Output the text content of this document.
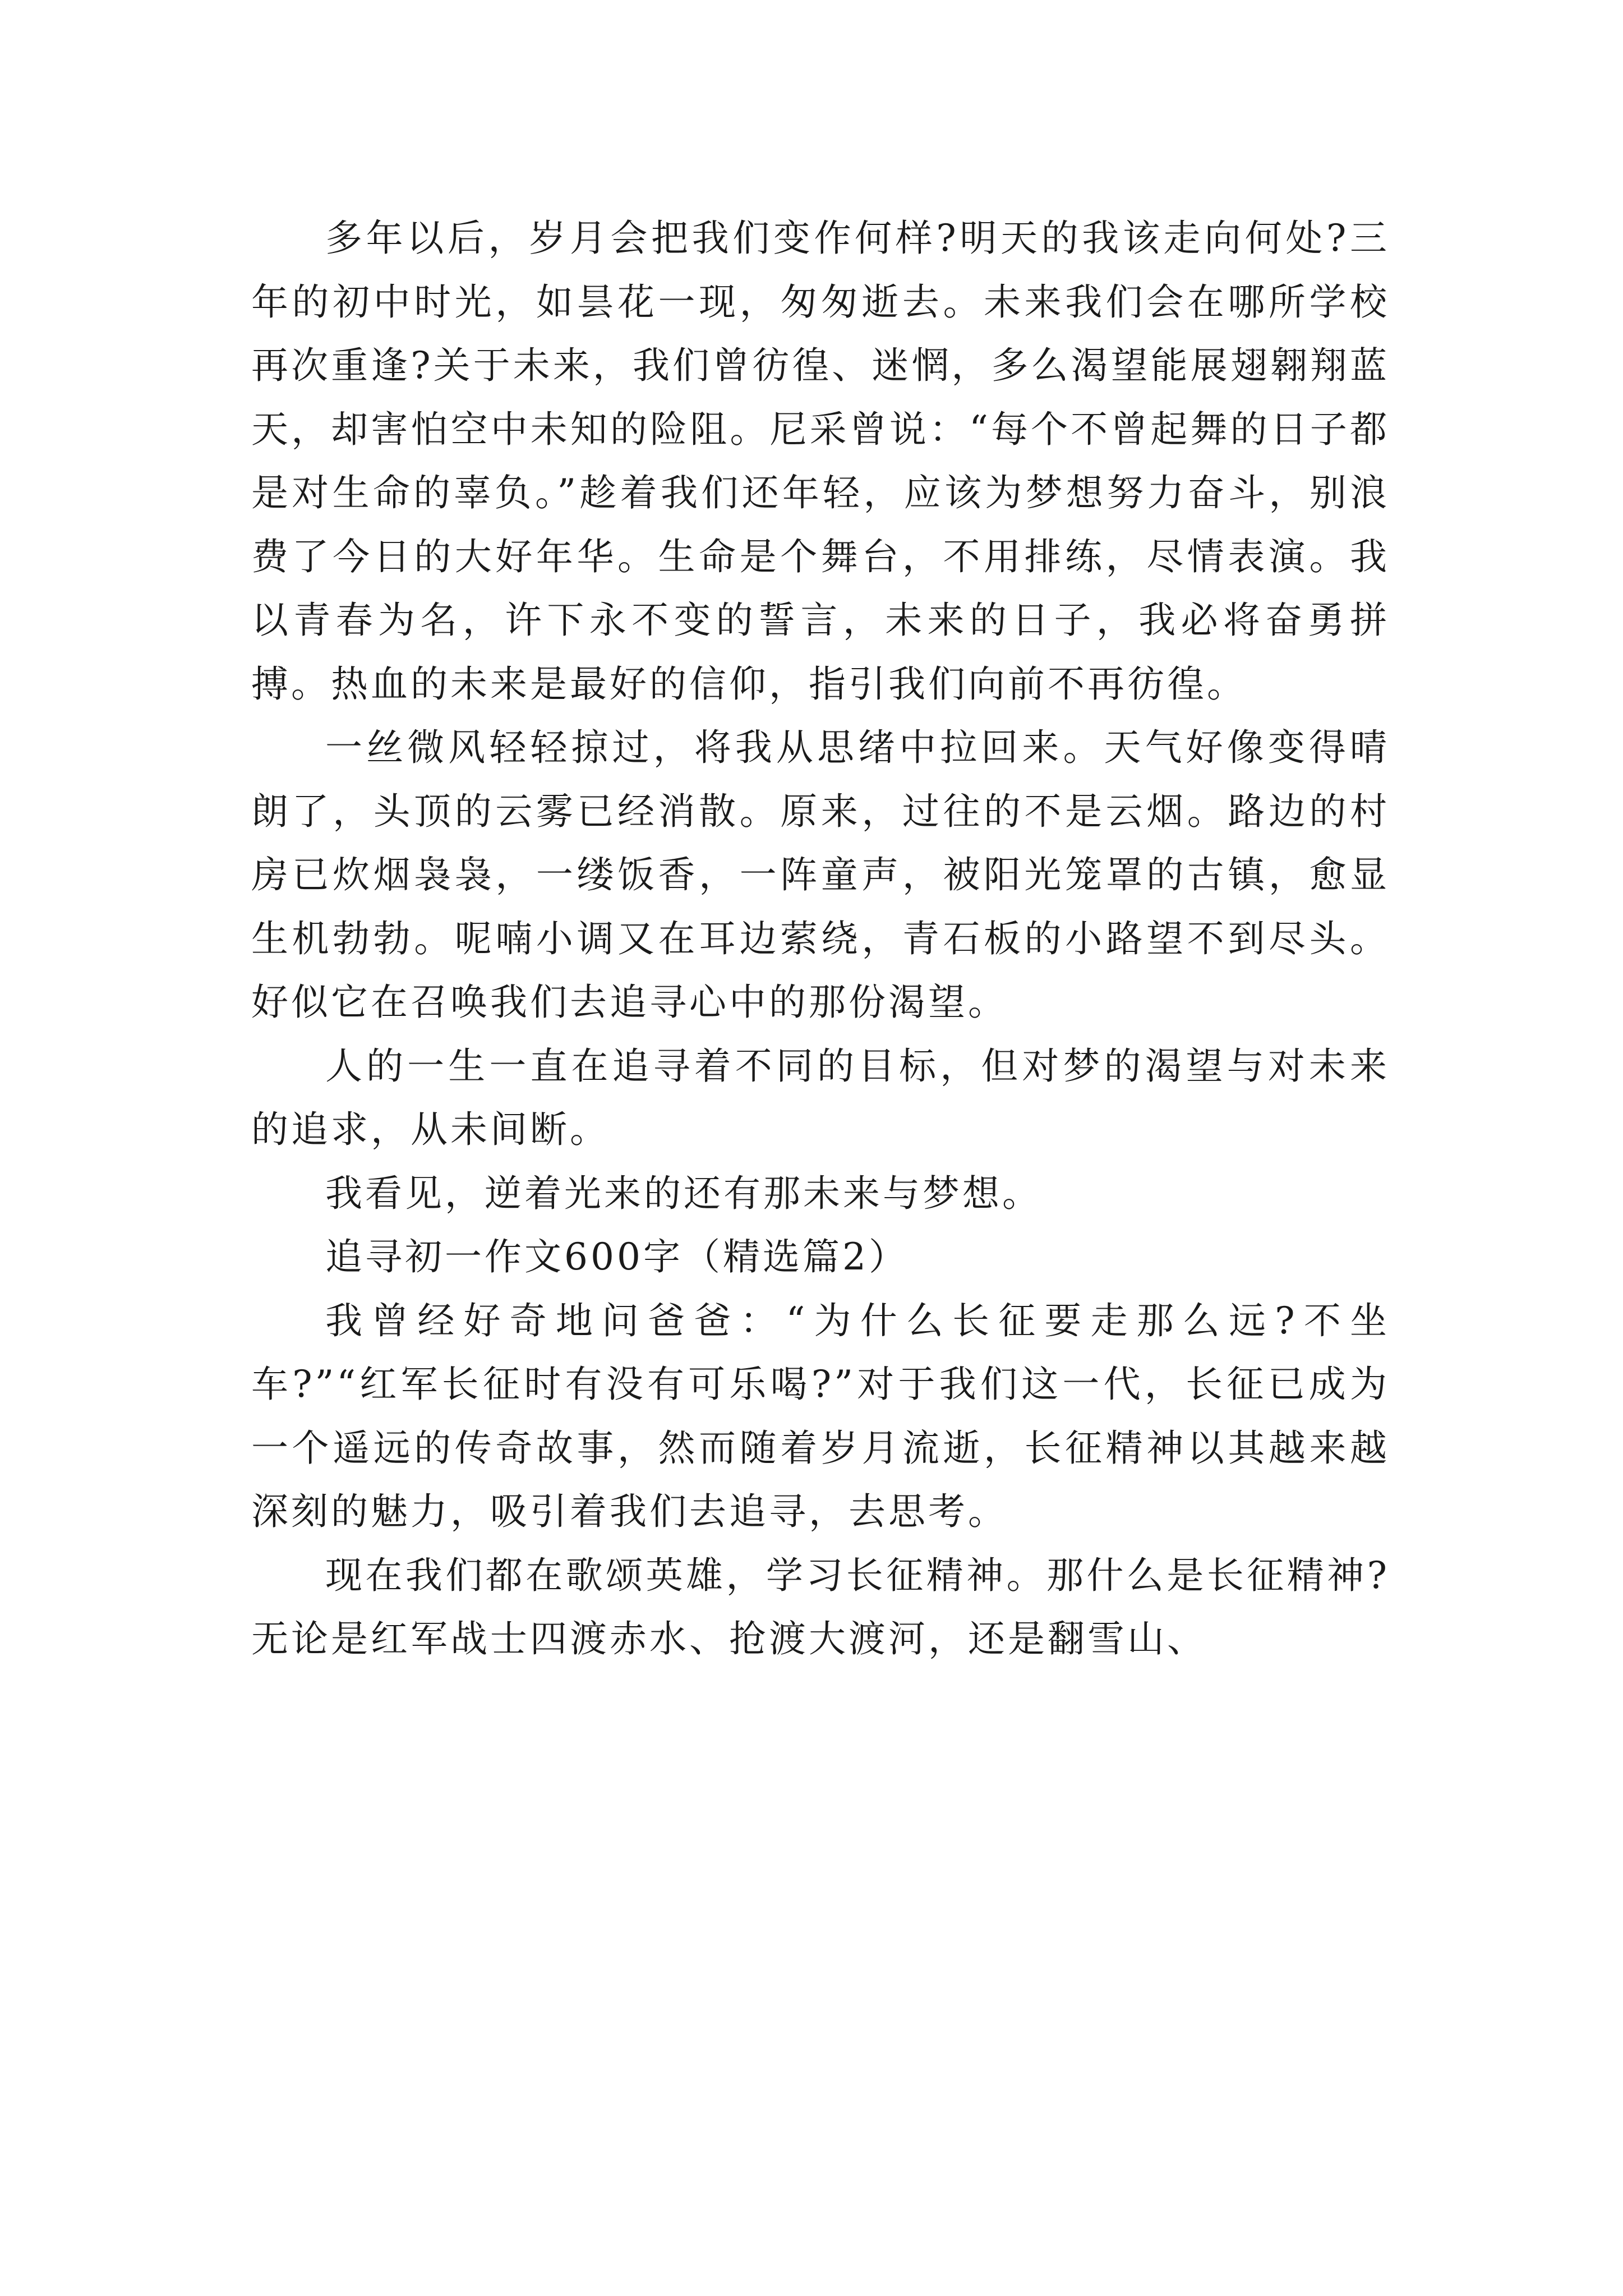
多年以后，岁月会把我们变作何样?明天的我该走向何处?三年的初中时光，如昙花一现，匆匆逝去。未来我们会在哪所学校再次重逢?关于未来，我们曾彷徨、迷惘，多么渴望能展翅翱翔蓝天，却害怕空中未知的险阻。尼采曾说：“每个不曾起舞的日子都是对生命的辜负。”趁着我们还年轻，应该为梦想努力奋斗，别浪费了今日的大好年华。生命是个舞台，不用排练，尽情表演。我以青春为名，许下永不变的誓言，未来的日子，我必将奋勇拼搏。热血的未来是最好的信仰，指引我们向前不再彷徨。

一丝微风轻轻掠过，将我从思绪中拉回来。天气好像变得晴朗了，头顶的云雾已经消散。原来，过往的不是云烟。路边的村房已炊烟袅袅，一缕饭香，一阵童声，被阳光笼罩的古镇，愈显生机勃勃。呢喃小调又在耳边萦绕，青石板的小路望不到尽头。好似它在召唤我们去追寻心中的那份渴望。

人的一生一直在追寻着不同的目标，但对梦的渴望与对未来的追求，从未间断。

我看见，逆着光来的还有那未来与梦想。

追寻初一作文600字（精选篇2）

我曾经好奇地问爸爸：“为什么长征要走那么远?不坐车?”“红军长征时有没有可乐喝?”对于我们这一代，长征已成为一个遥远的传奇故事，然而随着岁月流逝，长征精神以其越来越深刻的魅力，吸引着我们去追寻，去思考。

现在我们都在歌颂英雄，学习长征精神。那什么是长征精神?无论是红军战士四渡赤水、抢渡大渡河，还是翻雪山、
